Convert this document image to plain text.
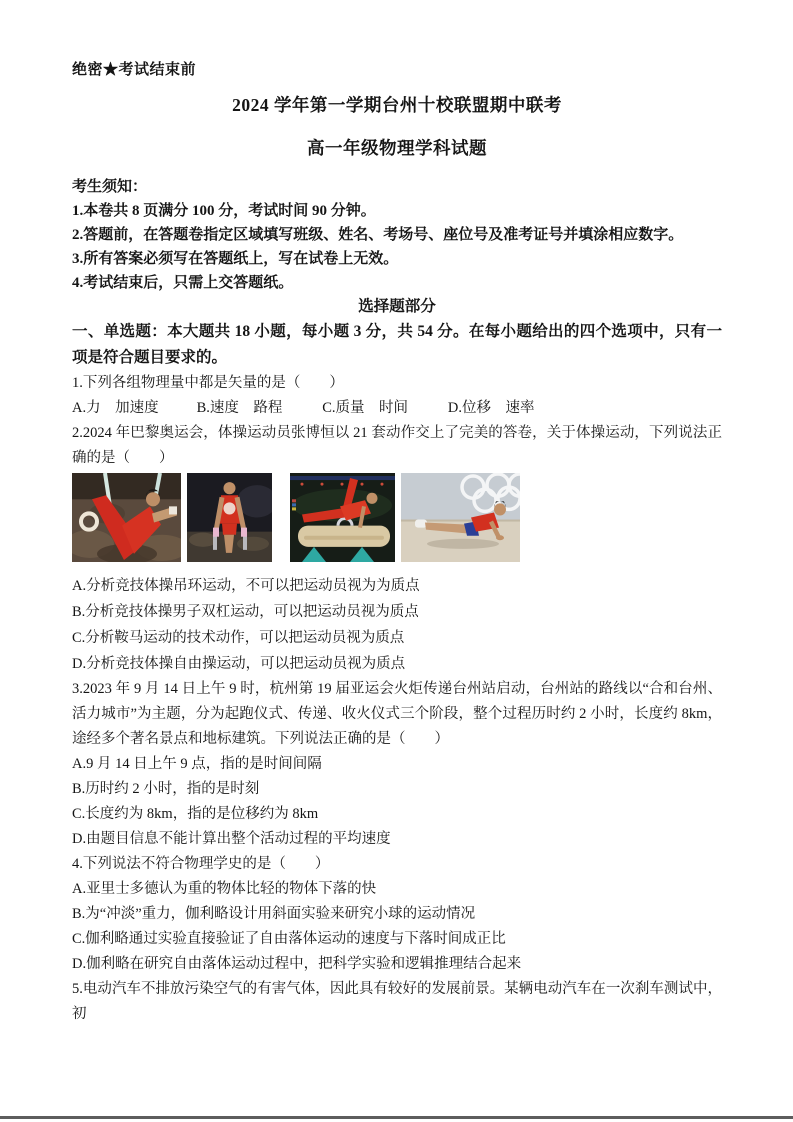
绝密★考试结束前
2024 学年第一学期台州十校联盟期中联考
高一年级物理学科试题
考生须知：
1.本卷共 8 页满分 100 分，考试时间 90 分钟。
2.答题前，在答题卷指定区域填写班级、姓名、考场号、座位号及准考证号并填涂相应数字。
3.所有答案必须写在答题纸上，写在试卷上无效。
4.考试结束后，只需上交答题纸。
选择题部分
一、单选题：本大题共 18 小题，每小题 3 分，共 54 分。在每小题给出的四个选项中，只有一项是符合题目要求的。
1.下列各组物理量中都是矢量的是（　　）
A.力　加速度	B.速度　路程	C.质量　时间	D.位移　速率
2.2024 年巴黎奥运会，体操运动员张博恒以 21 套动作交上了完美的答卷，关于体操运动，下列说法正确的是（　　）
A.分析竞技体操吊环运动，不可以把运动员视为为质点
B.分析竞技体操男子双杠运动，可以把运动员视为质点
C.分析鞍马运动的技术动作，可以把运动员视为质点
D.分析竞技体操自由操运动，可以把运动员视为质点
3.2023 年 9 月 14 日上午 9 时，杭州第 19 届亚运会火炬传递台州站启动，台州站的路线以“合和台州、活力城市”为主题，分为起跑仪式、传递、收火仪式三个阶段，整个过程历时约 2 小时，长度约 8km，途经多个著名景点和地标建筑。下列说法正确的是（　　）
A.9 月 14 日上午 9 点，指的是时间间隔
B.历时约 2 小时，指的是时刻
C.长度约为 8km，指的是位移约为 8km
D.由题目信息不能计算出整个活动过程的平均速度
4.下列说法不符合物理学史的是（　　）
A.亚里士多德认为重的物体比轻的物体下落的快
B.为“冲淡”重力，伽利略设计用斜面实验来研究小球的运动情况
C.伽利略通过实验直接验证了自由落体运动的速度与下落时间成正比
D.伽利略在研究自由落体运动过程中，把科学实验和逻辑推理结合起来
5.电动汽车不排放污染空气的有害气体，因此具有较好的发展前景。某辆电动汽车在一次刹车测试中，初
